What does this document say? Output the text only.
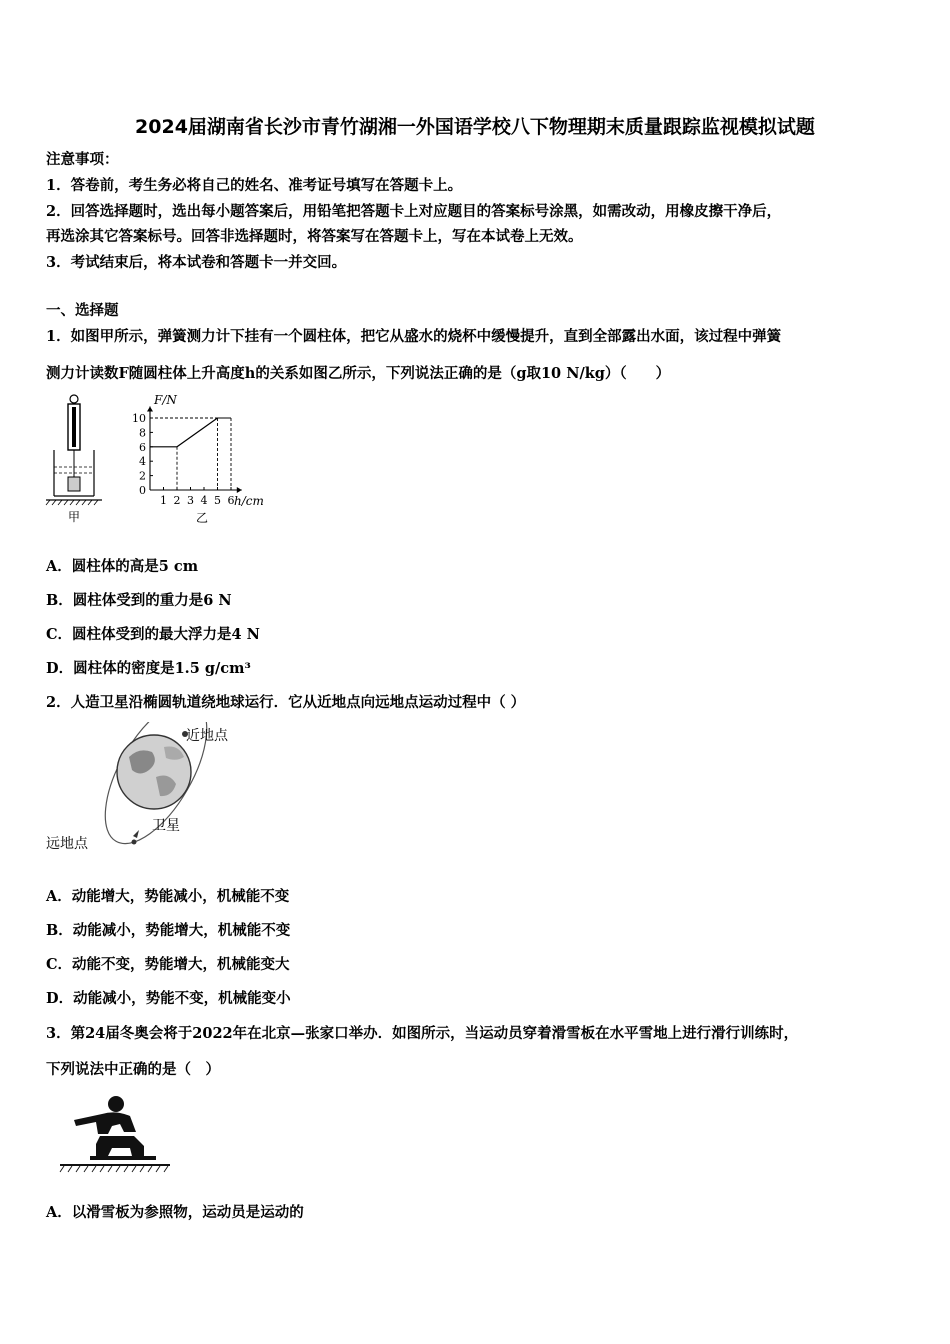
2024届湖南省长沙市青竹湖湘一外国语学校八下物理期末质量跟踪监视模拟试题
注意事项：
1．答卷前，考生务必将自己的姓名、准考证号填写在答题卡上。
2．回答选择题时，选出每小题答案后，用铅笔把答题卡上对应题目的答案标号涂黑，如需改动，用橡皮擦干净后，
再选涂其它答案标号。回答非选择题时，将答案写在答题卡上，写在本试卷上无效。
3．考试结束后，将本试卷和答题卡一并交回。
一、选择题
1．如图甲所示，弹簧测力计下挂有一个圆柱体，把它从盛水的烧杯中缓慢提升，直到全部露出水面，该过程中弹簧
测力计读数F随圆柱体上升高度h的关系如图乙所示，下列说法正确的是（g取10 N/kg）（　　）
甲
1 2 3 4 5 6
0
2
4
6
8
10
F/N
h/cm
乙
A．圆柱体的高是5 cm
B．圆柱体受到的重力是6 N
C．圆柱体受到的最大浮力是4 N
D．圆柱体的密度是1.5 g/cm³
2．人造卫星沿椭圆轨道绕地球运行．它从近地点向远地点运动过程中（ ）
近地点
卫星
远地点
A．动能增大，势能减小，机械能不变
B．动能减小，势能增大，机械能不变
C．动能不变，势能增大，机械能变大
D．动能减小，势能不变，机械能变小
3．第24届冬奥会将于2022年在北京—张家口举办．如图所示，当运动员穿着滑雪板在水平雪地上进行滑行训练时，
下列说法中正确的是（　）
A．以滑雪板为参照物，运动员是运动的
